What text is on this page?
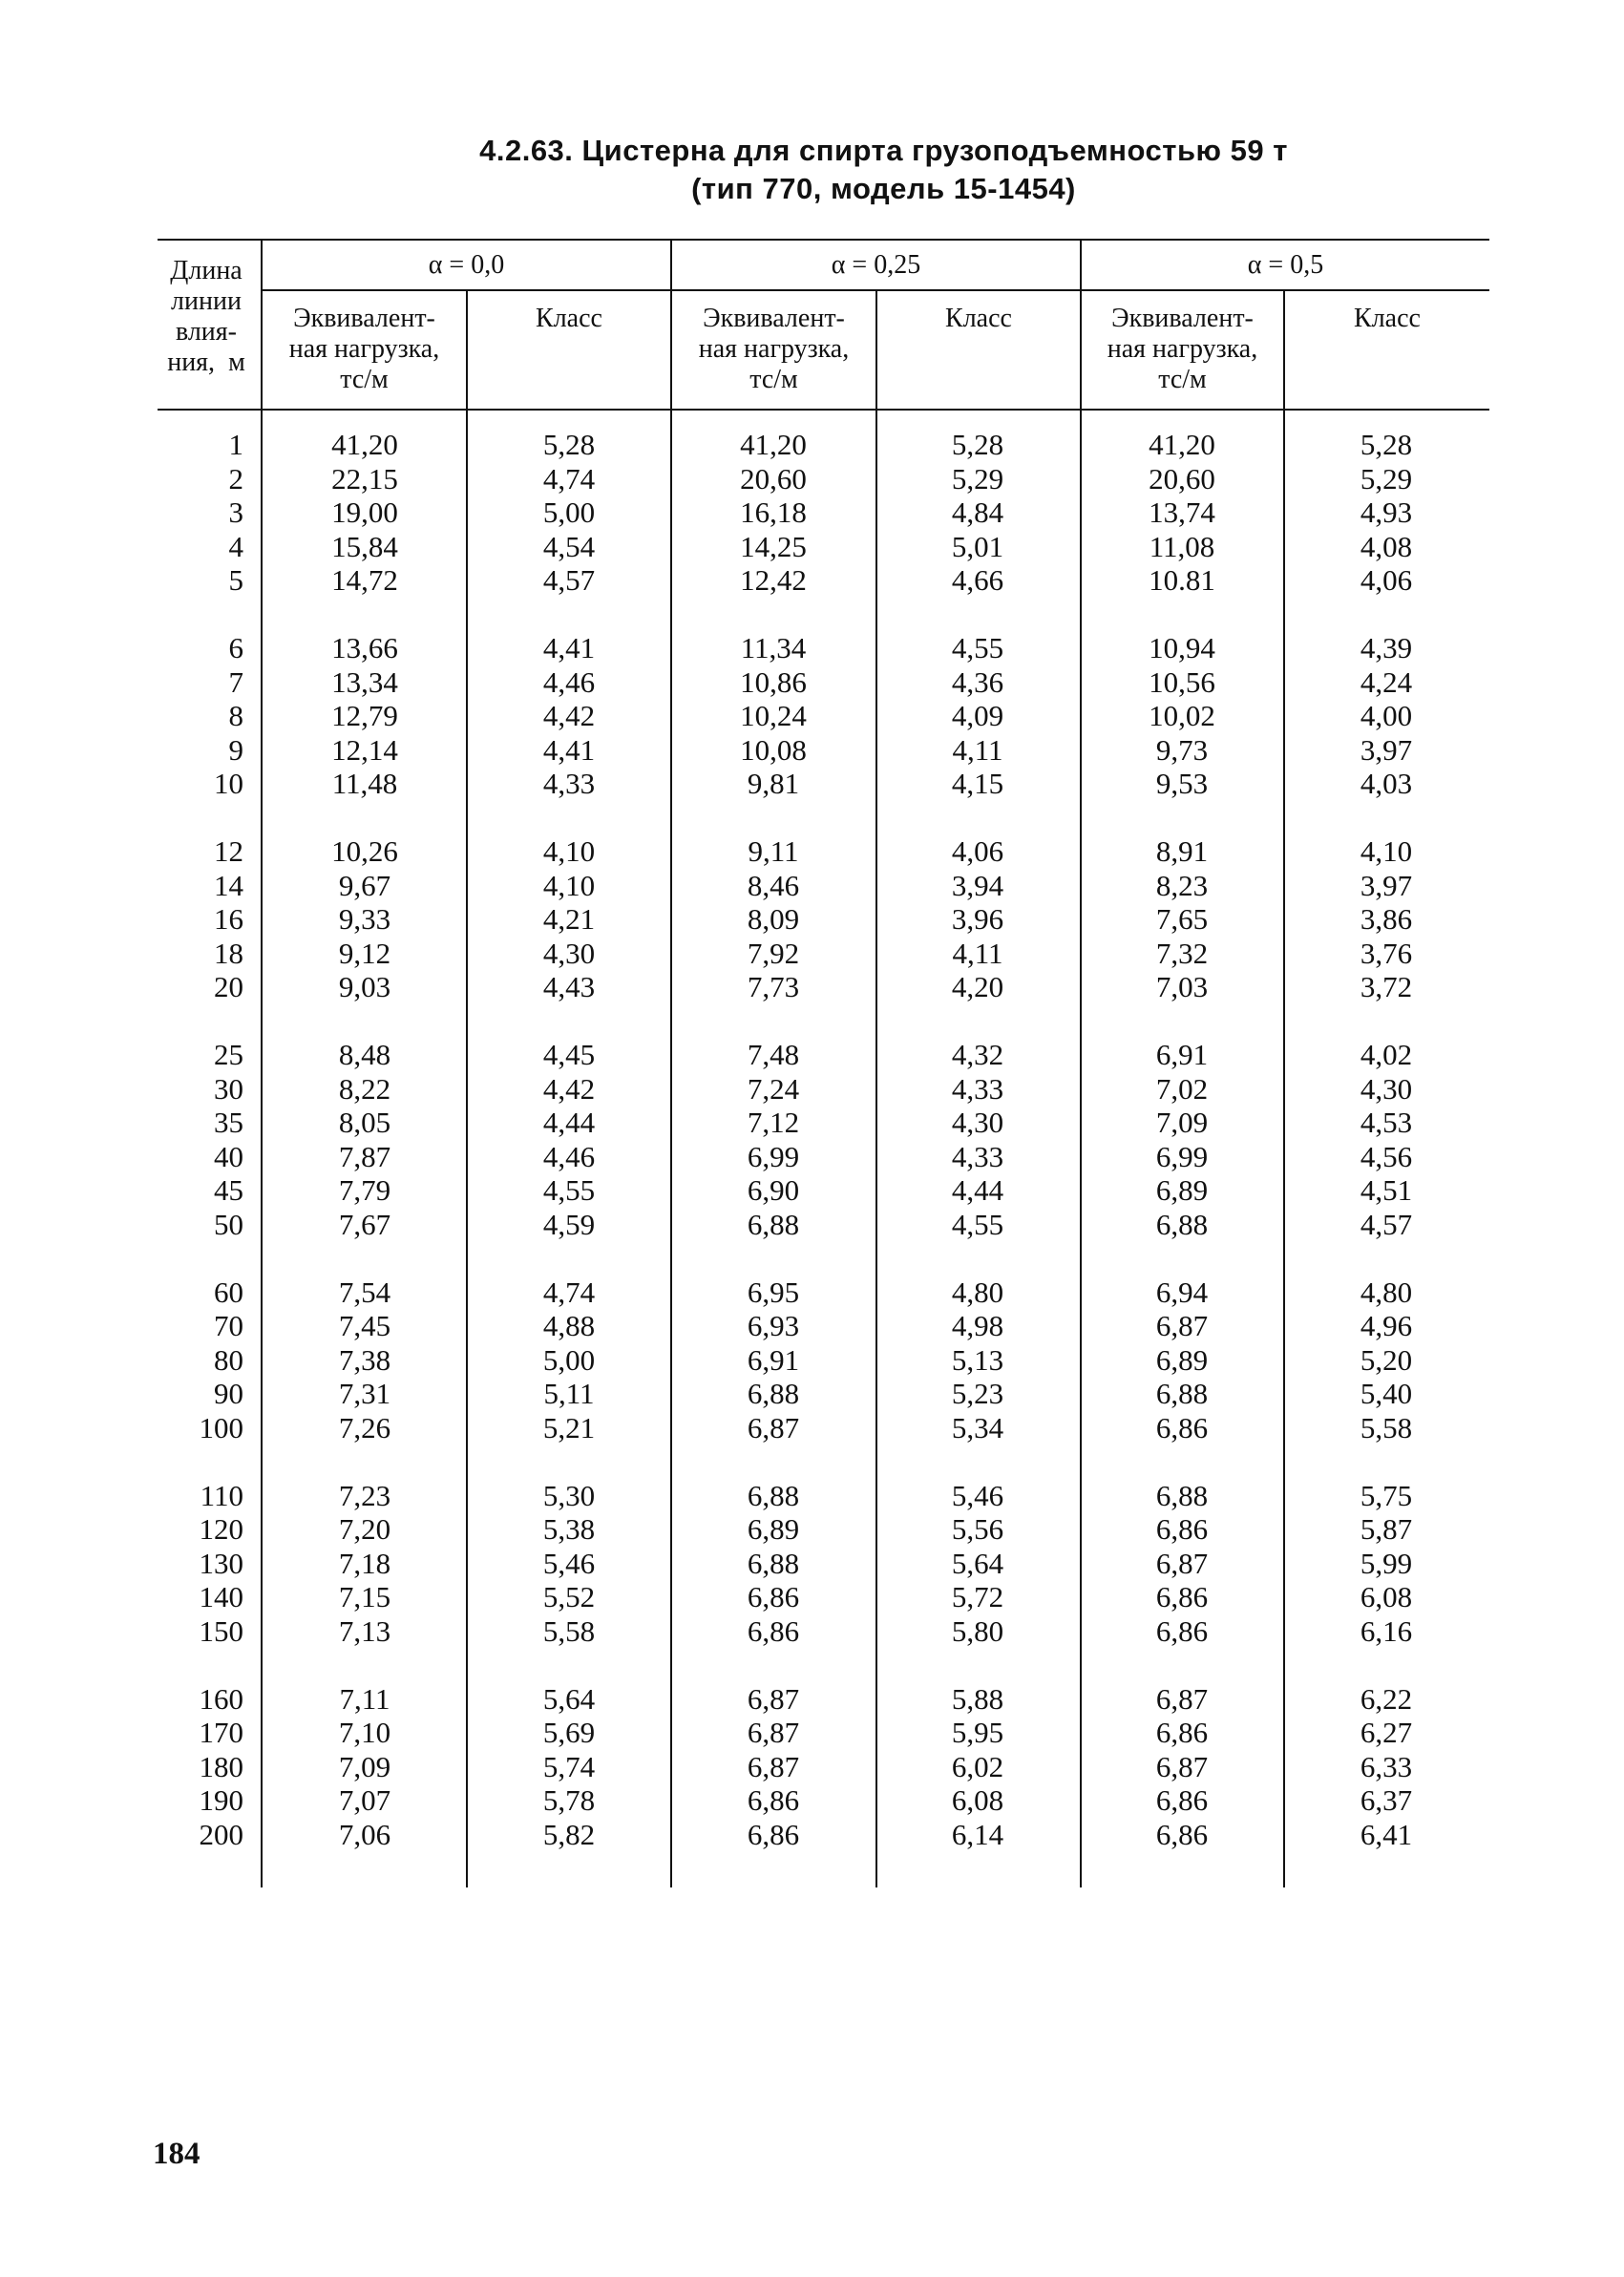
4.2.63. Цистерна для спирта грузоподъемностью 59 т
(тип 770, модель 15-1454)
Длина
линии
влия-
ния, м
α = 0,0	α = 0,25	α = 0,5
Эквивалент-
ная нагрузка,
тс/м
Класс	Эквивалент-
ная нагрузка,
тс/м
Класс	Эквивалент-
ная нагрузка,
тс/м
Класс
1	41,20	5,28	41,20	5,28	41,20	5,28
2	22,15	4,74	20,60	5,29	20,60	5,29
3	19,00	5,00	16,18	4,84	13,74	4,93
4	15,84	4,54	14,25	5,01	11,08	4,08
5	14,72	4,57	12,42	4,66	10.81	4,06
6	13,66	4,41	11,34	4,55	10,94	4,39
7	13,34	4,46	10,86	4,36	10,56	4,24
8	12,79	4,42	10,24	4,09	10,02	4,00
9	12,14	4,41	10,08	4,11	9,73	3,97
10	11,48	4,33	9,81	4,15	9,53	4,03
12	10,26	4,10	9,11	4,06	8,91	4,10
14	9,67	4,10	8,46	3,94	8,23	3,97
16	9,33	4,21	8,09	3,96	7,65	3,86
18	9,12	4,30	7,92	4,11	7,32	3,76
20	9,03	4,43	7,73	4,20	7,03	3,72
25	8,48	4,45	7,48	4,32	6,91	4,02
30	8,22	4,42	7,24	4,33	7,02	4,30
35	8,05	4,44	7,12	4,30	7,09	4,53
40	7,87	4,46	6,99	4,33	6,99	4,56
45	7,79	4,55	6,90	4,44	6,89	4,51
50	7,67	4,59	6,88	4,55	6,88	4,57
60	7,54	4,74	6,95	4,80	6,94	4,80
70	7,45	4,88	6,93	4,98	6,87	4,96
80	7,38	5,00	6,91	5,13	6,89	5,20
90	7,31	5,11	6,88	5,23	6,88	5,40
100	7,26	5,21	6,87	5,34	6,86	5,58
110	7,23	5,30	6,88	5,46	6,88	5,75
120	7,20	5,38	6,89	5,56	6,86	5,87
130	7,18	5,46	6,88	5,64	6,87	5,99
140	7,15	5,52	6,86	5,72	6,86	6,08
150	7,13	5,58	6,86	5,80	6,86	6,16
160	7,11	5,64	6,87	5,88	6,87	6,22
170	7,10	5,69	6,87	5,95	6,86	6,27
180	7,09	5,74	6,87	6,02	6,87	6,33
190	7,07	5,78	6,86	6,08	6,86	6,37
200	7,06	5,82	6,86	6,14	6,86	6,41
184
